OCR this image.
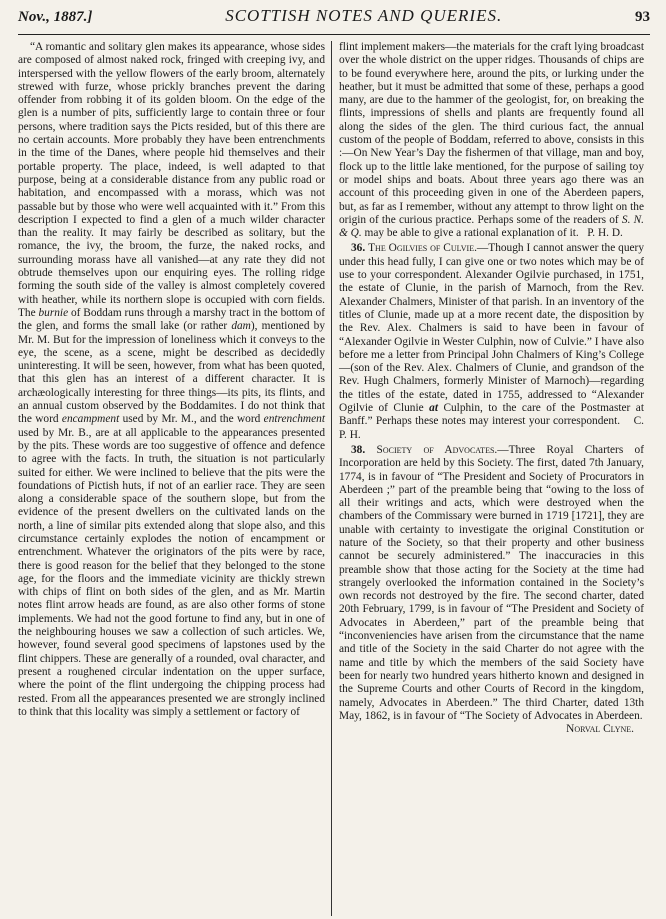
Nov., 1887.]	SCOTTISH NOTES AND QUERIES.	93

“A romantic and solitary glen makes its appearance, whose sides are composed of almost naked rock, fringed with creeping ivy, and interspersed with the yellow flowers of the early broom, alternately strewed with furze, whose prickly branches prevent the daring offender from robbing it of its golden bloom. On the edge of the glen is a number of pits, sufficiently large to contain three or four persons, where tradition says the Picts resided, but of this there are no certain accounts. More probably they have been entrenchments in the time of the Danes, where people hid themselves and their portable property. The place, indeed, is well adapted to that purpose, being at a considerable distance from any public road or habitation, and encompassed with a morass, which was not passable but by those who were well acquainted with it.” From this description I expected to find a glen of a much wilder character than the reality. It may fairly be described as solitary, but the romance, the ivy, the broom, the furze, the naked rocks, and surrounding morass have all vanished—at any rate they did not obtrude themselves upon our enquiring eyes. The rolling ridge forming the south side of the valley is almost completely covered with heather, while its northern slope is occupied with corn fields. The burnie of Boddam runs through a marshy tract in the bottom of the glen, and forms the small lake (or rather dam), mentioned by Mr. M. But for the impression of loneliness which it conveys to the eye, the scene, as a scene, might be described as decidedly uninteresting. It will be seen, however, from what has been quoted, that this glen has an interest of a different character. It is archæologically interesting for three things—its pits, its flints, and an annual custom observed by the Boddamites. I do not think that the word encampment used by Mr. M., and the word entrenchment used by Mr. B., are at all applicable to the appearances presented by the pits. These words are too suggestive of offence and defence to agree with the facts. In truth, the situation is not particularly suited for either. We were inclined to believe that the pits were the foundations of Pictish huts, if not of an earlier race. They are seen along a considerable space of the southern slope, but from the evidence of the present dwellers on the cultivated lands on the north, a line of similar pits extended along that slope also, and this circumstance certainly explodes the notion of encampment or entrenchment. Whatever the originators of the pits were by race, there is good reason for the belief that they belonged to the stone age, for the floors and the immediate vicinity are thickly strewn with chips of flint on both sides of the glen, and as Mr. Martin notes flint arrow heads are found, as are also other forms of stone implements. We had not the good fortune to find any, but in one of the neighbouring houses we saw a collection of such articles. We, however, found several good specimens of lapstones used by the flint chippers. These are generally of a rounded, oval character, and present a roughened circular indentation on the upper surface, where the point of the flint undergoing the chipping process had rested. From all the appearances presented we are strongly inclined to think that this locality was simply a settlement or factory of

flint implement makers—the materials for the craft lying broadcast over the whole district on the upper ridges. Thousands of chips are to be found everywhere here, around the pits, or lurking under the heather, but it must be admitted that some of these, perhaps a good many, are due to the hammer of the geologist, for, on breaking the flints, impressions of shells and plants are frequently found all along the sides of the glen. The third curious fact, the annual custom of the people of Boddam, referred to above, consists in this :—On New Year’s Day the fishermen of that village, man and boy, flock up to the little lake mentioned, for the purpose of sailing toy or model ships and boats. About three years ago there was an account of this proceeding given in one of the Aberdeen papers, but, as far as I remember, without any attempt to throw light on the origin of the curious practice. Perhaps some of the readers of S. N. & Q. may be able to give a rational explanation of it. P. H. D.

36. The Ogilvies of Culvie.—Though I cannot answer the query under this head fully, I can give one or two notes which may be of use to your correspondent. Alexander Ogilvie purchased, in 1751, the estate of Clunie, in the parish of Marnoch, from the Rev. Alexander Chalmers, Minister of that parish. In an inventory of the titles of Clunie, made up at a more recent date, the disposition by the Rev. Alex. Chalmers is said to have been in favour of “Alexander Ogilvie in Wester Culphin, now of Culvie.” I have also before me a letter from Principal John Chalmers of King’s College—(son of the Rev. Alex. Chalmers of Clunie, and grandson of the Rev. Hugh Chalmers, formerly Minister of Marnoch)—regarding the titles of the estate, dated in 1755, addressed to “Alexander Ogilvie of Clunie at Culphin, to the care of the Postmaster at Banff.” Perhaps these notes may interest your correspondent. C. P. H.

38. Society of Advocates.—Three Royal Charters of Incorporation are held by this Society. The first, dated 7th January, 1774, is in favour of “The President and Society of Procurators in Aberdeen ;” part of the preamble being that “owing to the loss of all their writings and acts, which were destroyed when the chambers of the Commissary were burned in 1719 [1721], they are unable with certainty to investigate the original Constitution or nature of the Society, so that their property and other business cannot be securely administered.” The inaccuracies in this preamble show that those acting for the Society at the time had strangely overlooked the information contained in the Society’s own records not destroyed by the fire. The second charter, dated 20th February, 1799, is in favour of “The President and Society of Advocates in Aberdeen,” part of the preamble being that “inconveniencies have arisen from the circumstance that the name and title of the Society in the said Charter do not agree with the name and title by which the members of the said Society have been for nearly two hundred years hitherto known and designed in the Supreme Courts and other Courts of Record in the kingdom, namely, Advocates in Aberdeen.” The third Charter, dated 13th May, 1862, is in favour of “The Society of Advocates in Aberdeen.

Norval Clyne.
